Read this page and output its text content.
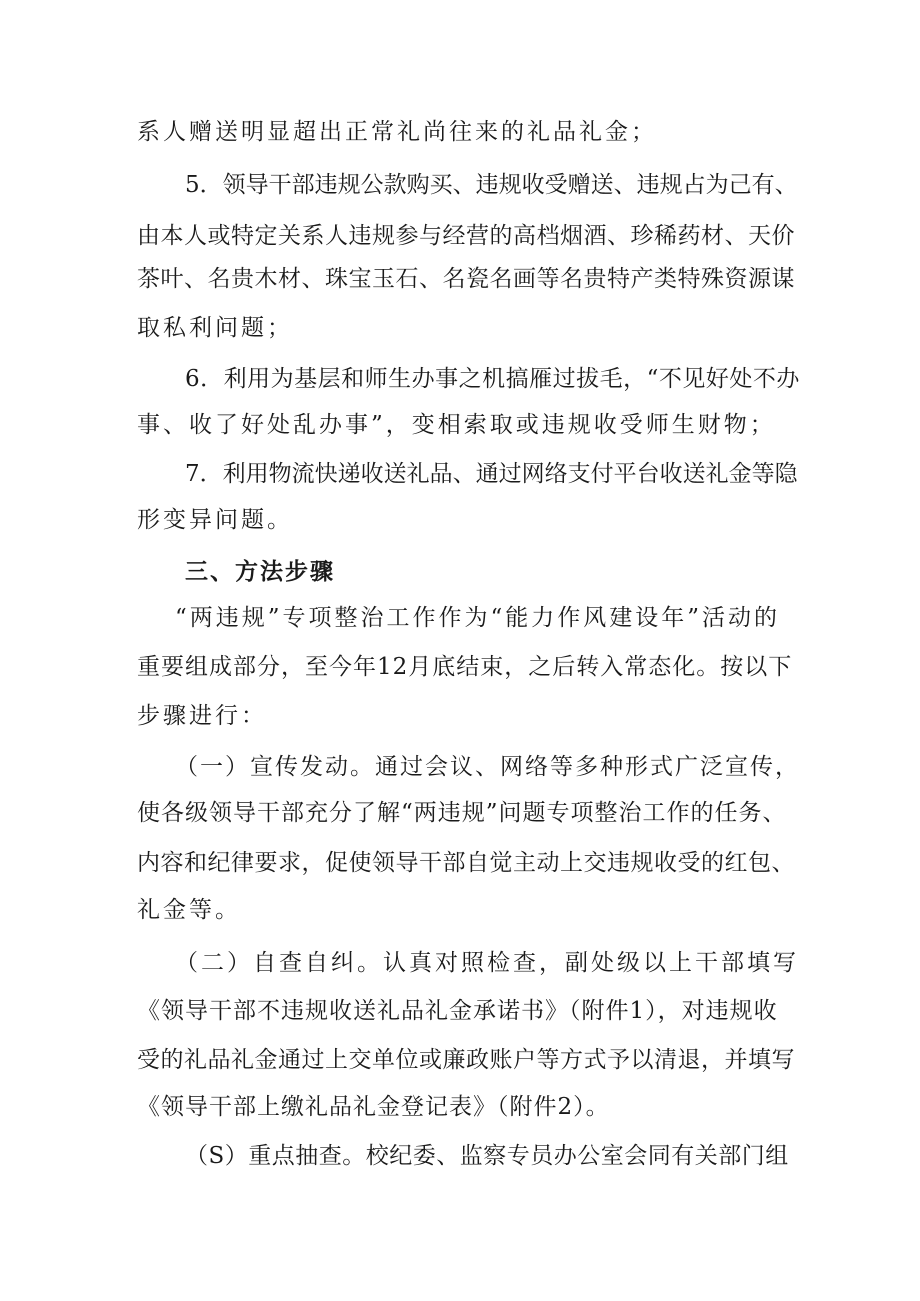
系人赠送明显超出正常礼尚往来的礼品礼金；
5．领导干部违规公款购买、违规收受赠送、违规占为己有、
由本人或特定关系人违规参与经营的高档烟酒、珍稀药材、天价
茶叶、名贵木材、珠宝玉石、名瓷名画等名贵特产类特殊资源谋
取私利问题；
6．利用为基层和师生办事之机搞雁过拔毛，“不见好处不办
事、收了好处乱办事”，变相索取或违规收受师生财物；
7．利用物流快递收送礼品、通过网络支付平台收送礼金等隐
形变异问题。
三、方法步骤
“两违规”专项整治工作作为“能力作风建设年”活动的
重要组成部分，至今年12月底结束，之后转入常态化。按以下
步骤进行：
（一）宣传发动。通过会议、网络等多种形式广泛宣传，
使各级领导干部充分了解“两违规”问题专项整治工作的任务、
内容和纪律要求，促使领导干部自觉主动上交违规收受的红包、
礼金等。
（二）自查自纠。认真对照检查，副处级以上干部填写
《领导干部不违规收送礼品礼金承诺书》（附件1），对违规收
受的礼品礼金通过上交单位或廉政账户等方式予以清退，并填写
《领导干部上缴礼品礼金登记表》（附件2）。
（S）重点抽查。校纪委、监察专员办公室会同有关部门组
